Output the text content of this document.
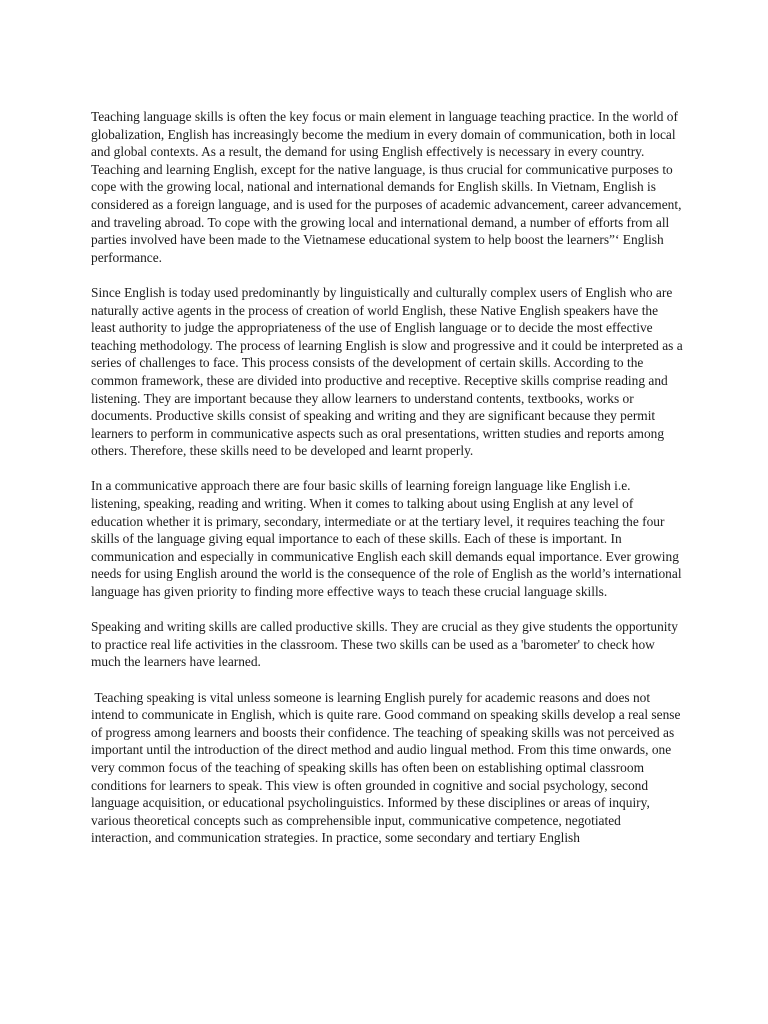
Teaching language skills is often the key focus or main element in language teaching practice. In the world of globalization, English has increasingly become the medium in every domain of communication, both in local and global contexts. As a result, the demand for using English effectively is necessary in every country. Teaching and learning English, except for the native language, is thus crucial for communicative purposes to cope with the growing local, national and international demands for English skills. In Vietnam, English is considered as a foreign language, and is used for the purposes of academic advancement, career advancement, and traveling abroad. To cope with the growing local and international demand, a number of efforts from all parties involved have been made to the Vietnamese educational system to help boost the learners”‘ English performance.

Since English is today used predominantly by linguistically and culturally complex users of English who are naturally active agents in the process of creation of world English, these Native English speakers have the least authority to judge the appropriateness of the use of English language or to decide the most effective teaching methodology. The process of learning English is slow and progressive and it could be interpreted as a series of challenges to face. This process consists of the development of certain skills. According to the common framework, these are divided into productive and receptive. Receptive skills comprise reading and listening. They are important because they allow learners to understand contents, textbooks, works or documents. Productive skills consist of speaking and writing and they are significant because they permit learners to perform in communicative aspects such as oral presentations, written studies and reports among others. Therefore, these skills need to be developed and learnt properly.

In a communicative approach there are four basic skills of learning foreign language like English i.e. listening, speaking, reading and writing. When it comes to talking about using English at any level of education whether it is primary, secondary, intermediate or at the tertiary level, it requires teaching the four skills of the language giving equal importance to each of these skills. Each of these is important. In communication and especially in communicative English each skill demands equal importance. Ever growing needs for using English around the world is the consequence of the role of English as the world’s international language has given priority to finding more effective ways to teach these crucial language skills.

Speaking and writing skills are called productive skills. They are crucial as they give students the opportunity to practice real life activities in the classroom. These two skills can be used as a 'barometer' to check how much the learners have learned.

Teaching speaking is vital unless someone is learning English purely for academic reasons and does not intend to communicate in English, which is quite rare. Good command on speaking skills develop a real sense of progress among learners and boosts their confidence. The teaching of speaking skills was not perceived as important until the introduction of the direct method and audio lingual method. From this time onwards, one very common focus of the teaching of speaking skills has often been on establishing optimal classroom conditions for learners to speak. This view is often grounded in cognitive and social psychology, second language acquisition, or educational psycholinguistics. Informed by these disciplines or areas of inquiry, various theoretical concepts such as comprehensible input, communicative competence, negotiated interaction, and communication strategies. In practice, some secondary and tertiary English
